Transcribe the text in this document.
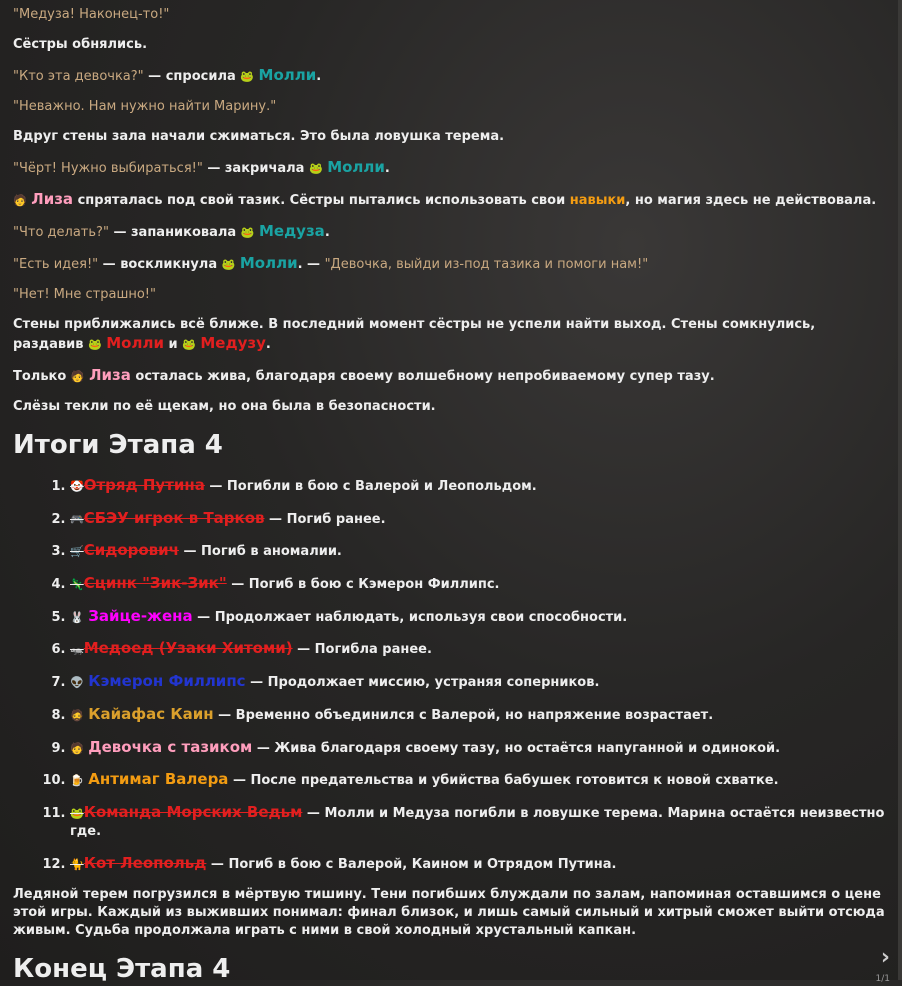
"Медуза! Наконец-то!"

Сёстры обнялись.

"Кто эта девочка?" — спросила 🐸 Молли.

"Неважно. Нам нужно найти Марину."

Вдруг стены зала начали сжиматься. Это была ловушка терема.

"Чёрт! Нужно выбираться!" — закричала 🐸 Молли.

🧑 Лиза спряталась под свой тазик. Сёстры пытались использовать свои навыки, но магия здесь не действовала.

"Что делать?" — запаниковала 🐸 Медуза.

"Есть идея!" — воскликнула 🐸 Молли. — "Девочка, выйди из-под тазика и помоги нам!"

"Нет! Мне страшно!"

Стены приближались всё ближе. В последний момент сёстры не успели найти выход. Стены сомкнулись, раздавив 🐸 Молли и 🐸 Медузу.

Только 🧑 Лиза осталась жива, благодаря своему волшебному непробиваемому супер тазу.

Слёзы текли по её щекам, но она была в безопасности.

Итоги Этапа 4
1. 🤡Отряд Путина — Погибли в бою с Валерой и Леопольдом.
2. 🎮СБЭУ игрок в Тарков — Погиб ранее.
3. 🛒Сидорович — Погиб в аномалии.
4. 🦎Сцинк "Зик-Зик" — Погиб в бою с Кэмерон Филлипс.
5. 🐰 Зайце-жена — Продолжает наблюдать, используя свои способности.
6. 🦡Медоед (Узаки Хитоми) — Погибла ранее.
7. 👽 Кэмерон Филлипс — Продолжает миссию, устраняя соперников.
8. 🧔 Кайафас Каин — Временно объединился с Валерой, но напряжение возрастает.
9. 🧑 Девочка с тазиком — Жива благодаря своему тазу, но остаётся напуганной и одинокой.
10. 🍺 Антимаг Валера — После предательства и убийства бабушек готовится к новой схватке.
11. 🐸Команда Морских Ведьм — Молли и Медуза погибли в ловушке терема. Марина остаётся неизвестно где.
12. 🐈Кот Леопольд — Погиб в бою с Валерой, Каином и Отрядом Путина.

Ледяной терем погрузился в мёртвую тишину. Тени погибших блуждали по залам, напоминая оставшимся о цене этой игры. Каждый из выживших понимал: финал близок, и лишь самый сильный и хитрый сможет выйти отсюда живым. Судьба продолжала играть с ними в свой холодный хрустальный капкан.

Конец Этапа 4	›
1/1
